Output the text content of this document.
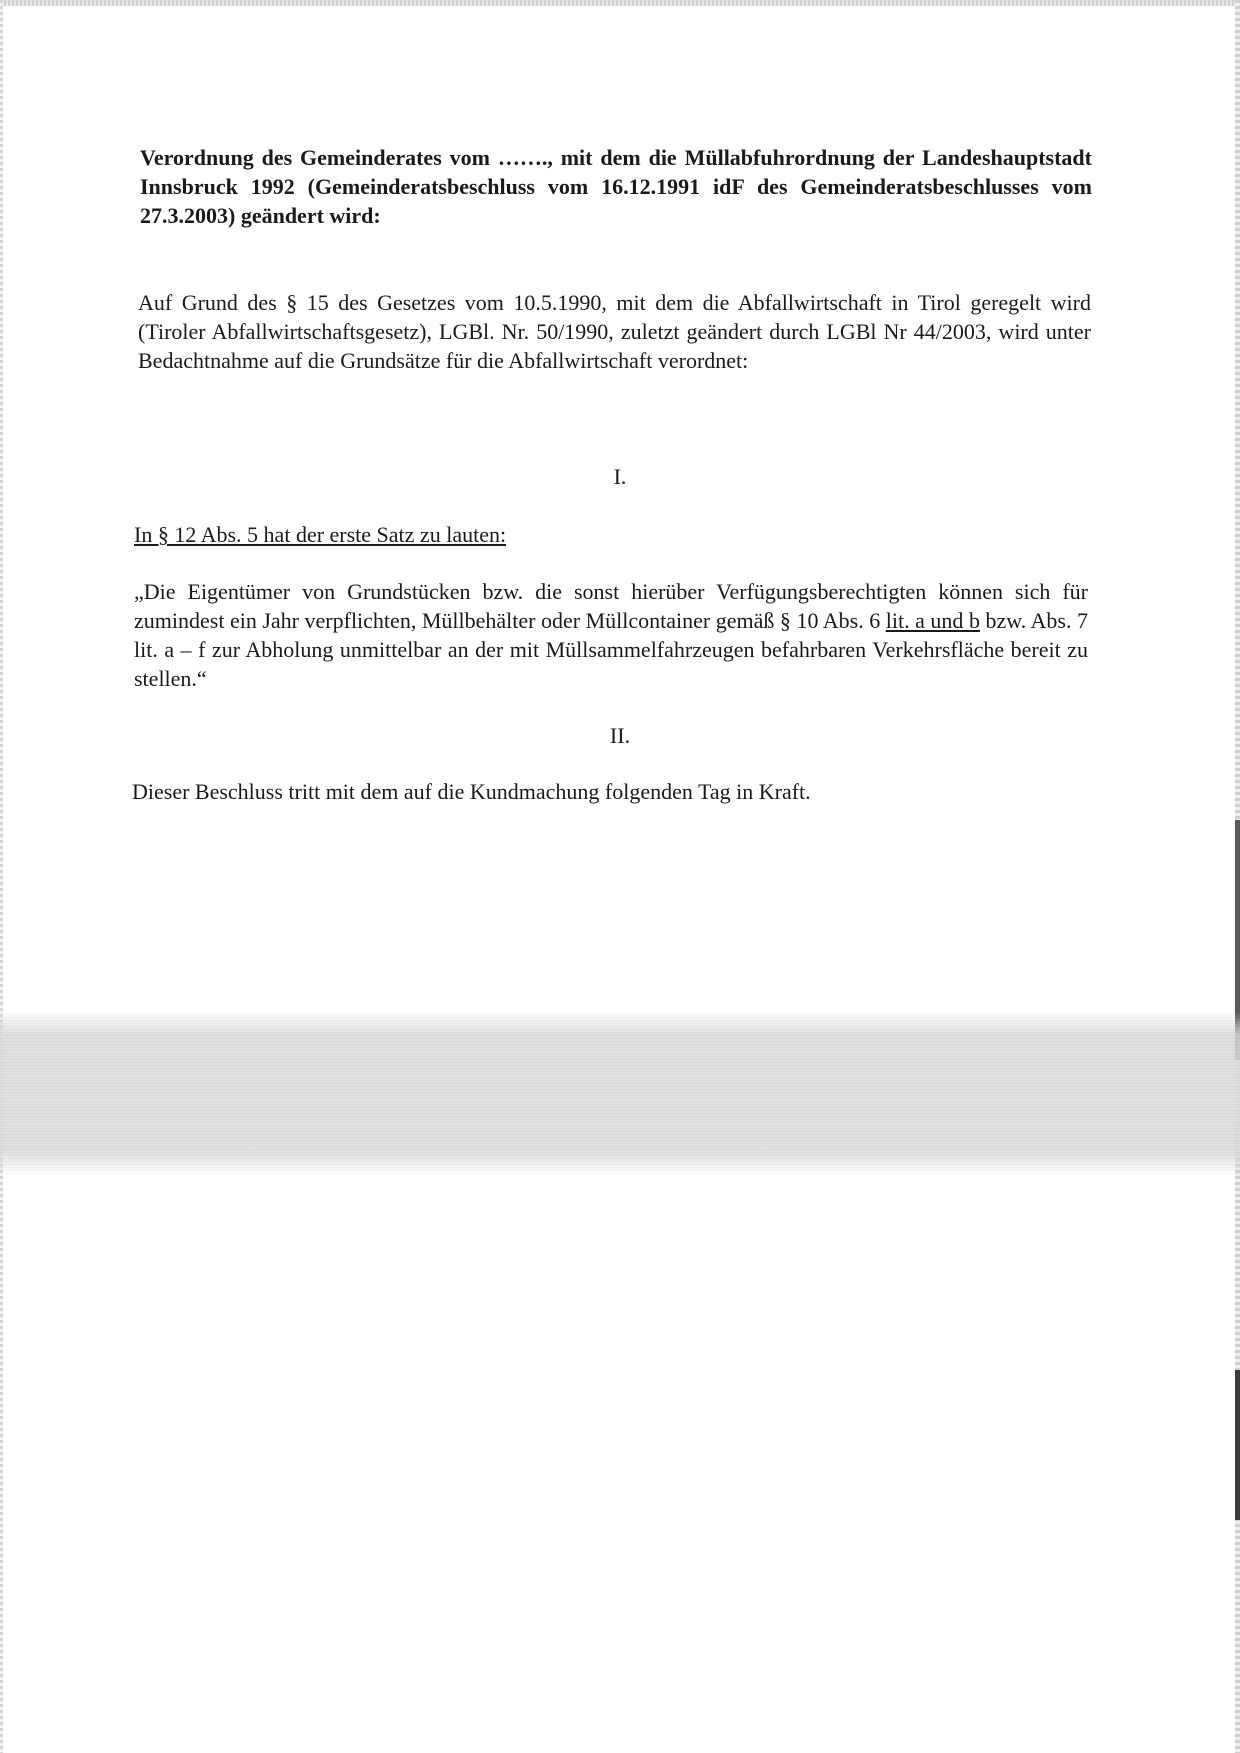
Verordnung des Gemeinderates vom ……., mit dem die Müllabfuhrordnung der Landeshauptstadt Innsbruck 1992 (Gemeinderatsbeschluss vom 16.12.1991 idF des Gemeinderatsbeschlusses vom 27.3.2003) geändert wird:

Auf Grund des § 15 des Gesetzes vom 10.5.1990, mit dem die Abfallwirtschaft in Tirol geregelt wird (Tiroler Abfallwirtschaftsgesetz), LGBl. Nr. 50/1990, zuletzt geändert durch LGBl Nr 44/2003, wird unter Bedachtnahme auf die Grundsätze für die Abfallwirtschaft verordnet:

I.

In § 12 Abs. 5 hat der erste Satz zu lauten:

„Die Eigentümer von Grundstücken bzw. die sonst hierüber Verfügungsberechtigten können sich für zumindest ein Jahr verpflichten, Müllbehälter oder Müllcontainer gemäß § 10 Abs. 6 lit. a und b bzw. Abs. 7 lit. a – f zur Abholung unmittelbar an der mit Müllsammelfahrzeugen befahrbaren Verkehrsfläche bereit zu stellen.“

II.

Dieser Beschluss tritt mit dem auf die Kundmachung folgenden Tag in Kraft.
